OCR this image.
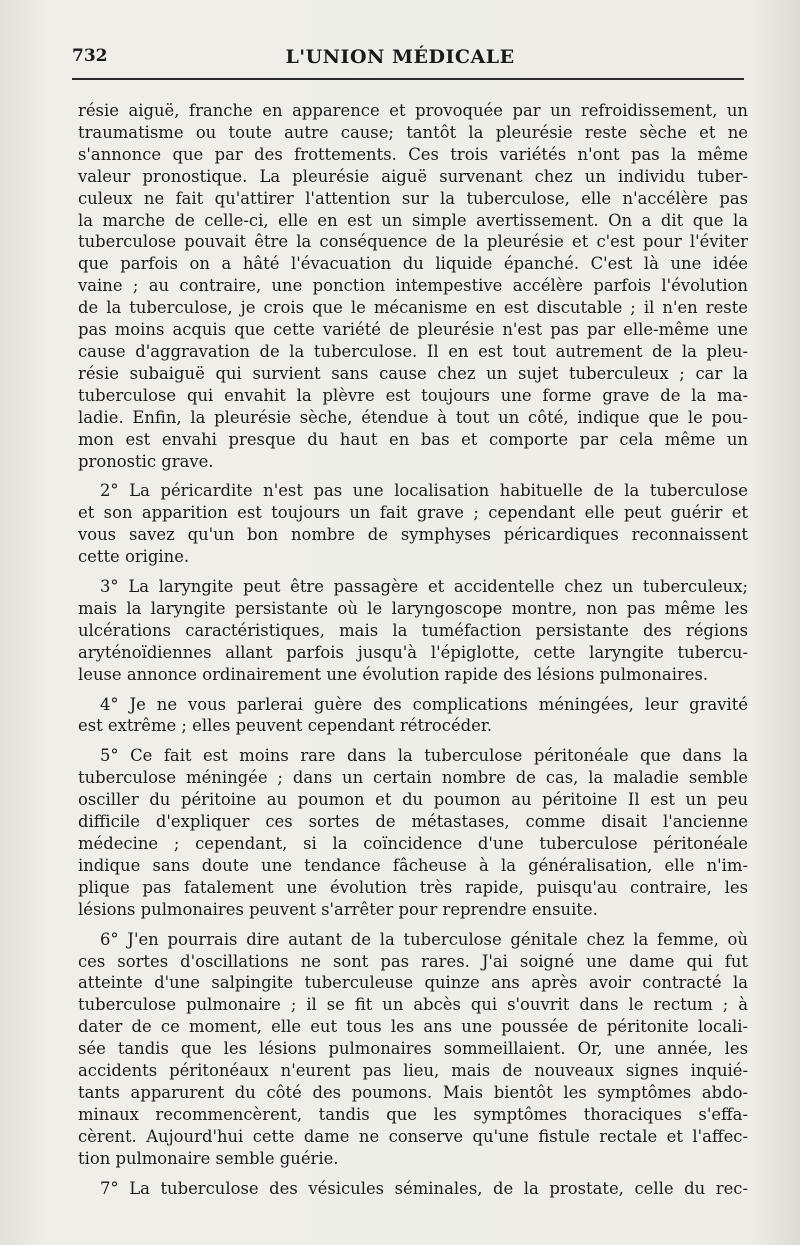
732	L'UNION MÉDICALE
résie aiguë, franche en apparence et provoquée par un refroidissement, un
traumatisme ou toute autre cause; tantôt la pleurésie reste sèche et ne
s'annonce que par des frottements. Ces trois variétés n'ont pas la même
valeur pronostique. La pleurésie aiguë survenant chez un individu tuber-
culeux ne fait qu'attirer l'attention sur la tuberculose, elle n'accélère pas
la marche de celle-ci, elle en est un simple avertissement. On a dit que la
tuberculose pouvait être la conséquence de la pleurésie et c'est pour l'éviter
que parfois on a hâté l'évacuation du liquide épanché. C'est là une idée
vaine ; au contraire, une ponction intempestive accélère parfois l'évolution
de la tuberculose, je crois que le mécanisme en est discutable ; il n'en reste
pas moins acquis que cette variété de pleurésie n'est pas par elle-même une
cause d'aggravation de la tuberculose. Il en est tout autrement de la pleu-
résie subaiguë qui survient sans cause chez un sujet tuberculeux ; car la
tuberculose qui envahit la plèvre est toujours une forme grave de la ma-
ladie. Enfin, la pleurésie sèche, étendue à tout un côté, indique que le pou-
mon est envahi presque du haut en bas et comporte par cela même un
pronostic grave.
2° La péricardite n'est pas une localisation habituelle de la tuberculose
et son apparition est toujours un fait grave ; cependant elle peut guérir et
vous savez qu'un bon nombre de symphyses péricardiques reconnaissent
cette origine.
3° La laryngite peut être passagère et accidentelle chez un tuberculeux;
mais la laryngite persistante où le laryngoscope montre, non pas même les
ulcérations caractéristiques, mais la tuméfaction persistante des régions
aryténoïdiennes allant parfois jusqu'à l'épiglotte, cette laryngite tubercu-
leuse annonce ordinairement une évolution rapide des lésions pulmonaires.
4° Je ne vous parlerai guère des complications méningées, leur gravité
est extrême ; elles peuvent cependant rétrocéder.
5° Ce fait est moins rare dans la tuberculose péritonéale que dans la
tuberculose méningée ; dans un certain nombre de cas, la maladie semble
osciller du péritoine au poumon et du poumon au péritoine Il est un peu
difficile d'expliquer ces sortes de métastases, comme disait l'ancienne
médecine ; cependant, si la coïncidence d'une tuberculose péritonéale
indique sans doute une tendance fâcheuse à la généralisation, elle n'im-
plique pas fatalement une évolution très rapide, puisqu'au contraire, les
lésions pulmonaires peuvent s'arrêter pour reprendre ensuite.
6° J'en pourrais dire autant de la tuberculose génitale chez la femme, où
ces sortes d'oscillations ne sont pas rares. J'ai soigné une dame qui fut
atteinte d'une salpingite tuberculeuse quinze ans après avoir contracté la
tuberculose pulmonaire ; il se fit un abcès qui s'ouvrit dans le rectum ; à
dater de ce moment, elle eut tous les ans une poussée de péritonite locali-
sée tandis que les lésions pulmonaires sommeillaient. Or, une année, les
accidents péritonéaux n'eurent pas lieu, mais de nouveaux signes inquié-
tants apparurent du côté des poumons. Mais bientôt les symptômes abdo-
minaux recommencèrent, tandis que les symptômes thoraciques s'effa-
cèrent. Aujourd'hui cette dame ne conserve qu'une fistule rectale et l'affec-
tion pulmonaire semble guérie.
7° La tuberculose des vésicules séminales, de la prostate, celle du rec-
